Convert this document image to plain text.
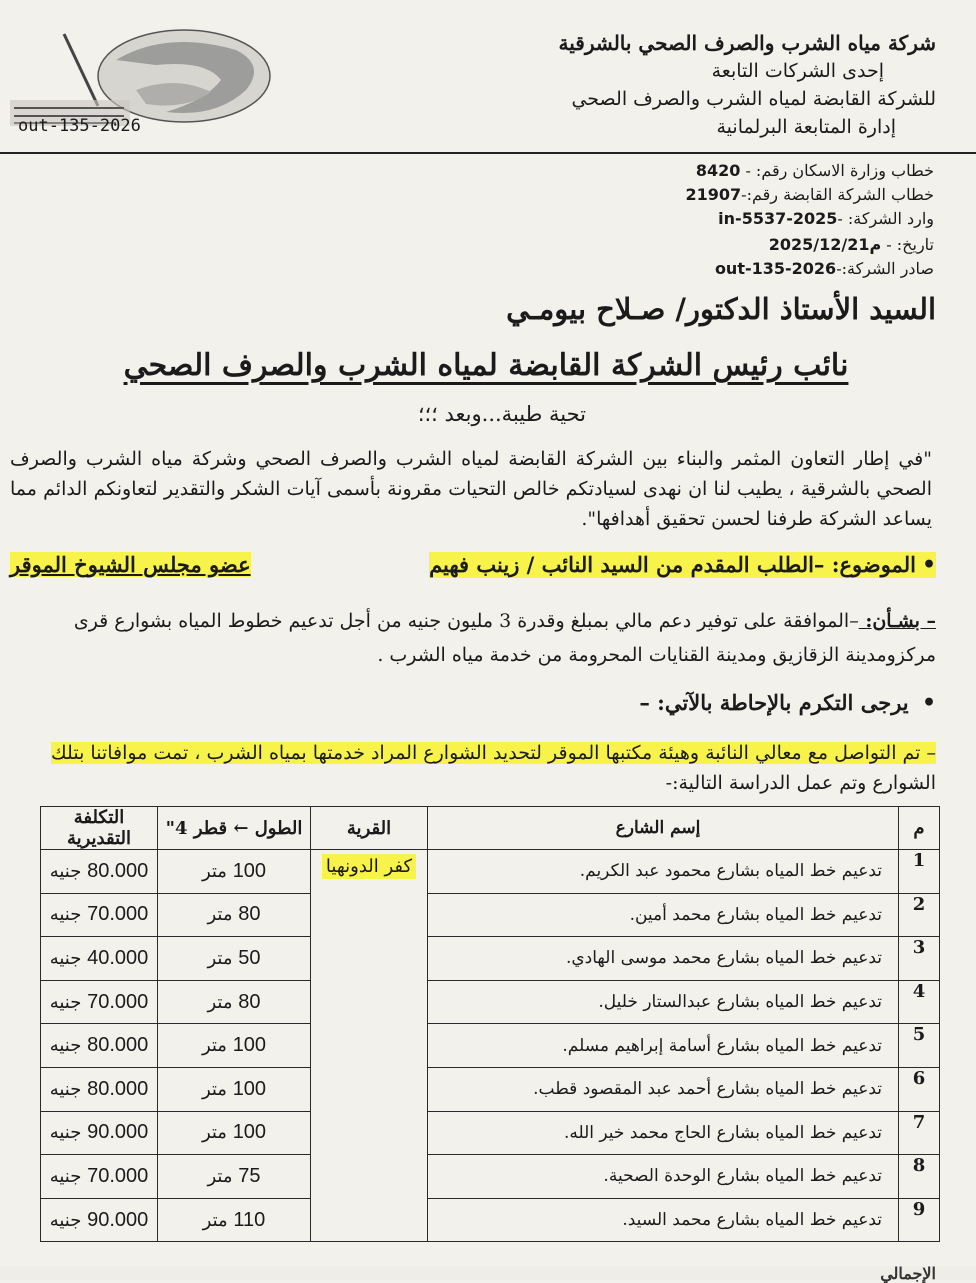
out-135-2026
شركة مياه الشرب والصرف الصحي بالشرقية
إحدى الشركات التابعة
للشركة القابضة لمياه الشرب والصرف الصحي
إدارة المتابعة البرلمانية
خطاب وزارة الاسكان رقم: - 8420
خطاب الشركة القابضة رقم:-21907
وارد الشركة: -in-5537-2025
تاريخ: - 2025/12/21م
صادر الشركة:-out-135-2026
السيد الأستاذ الدكتور/ صـلاح بيومـي
نائب رئيس الشركة القابضة لمياه الشرب والصرف الصحي
تحية طيبة...وبعد ؛؛؛
"في إطار التعاون المثمر والبناء بين الشركة القابضة لمياه الشرب والصرف الصحي وشركة مياه الشرب والصرف الصحي بالشرقية ، يطيب لنا ان نهدى لسيادتكم خالص التحيات مقرونة بأسمى آيات الشكر والتقدير لتعاونكم الدائم مما يساعد الشركة طرفنا لحسن تحقيق أهدافها".
•الموضوع: –الطلب المقدم من السيد النائب / زينب فهيم
عضو مجلس الشيوخ الموقر
– بشـأن: –الموافقة على توفير دعم مالي بمبلغ وقدرة 3 مليون جنيه من أجل تدعيم خطوط المياه بشوارع قرى مركزومدينة الزقازيق ومدينة القنايات المحرومة من خدمة مياه الشرب .
• يرجى التكرم بالإحاطة بالآتي: –
– تم التواصل مع معالي النائبة وهيئة مكتبها الموقر لتحديد الشوارع المراد خدمتها بمياه الشرب ، تمت موافاتنا بتلك
الشوارع وتم عمل الدراسة التالية:-
م	إسم الشارع	القرية	الطول ← قطر 4"	التكلفة التقديرية
1	تدعيم خط المياه بشارع محمود عبد الكريم.	كفر الدونهيا	100 متر	80.000 جنيه
2	تدعيم خط المياه بشارع محمد أمين.		80 متر	70.000 جنيه
3	تدعيم خط المياه بشارع محمد موسى الهادي.		50 متر	40.000 جنيه
4	تدعيم خط المياه بشارع عبدالستار خليل.		80 متر	70.000 جنيه
5	تدعيم خط المياه بشارع أسامة إبراهيم مسلم.		100 متر	80.000 جنيه
6	تدعيم خط المياه بشارع أحمد عبد المقصود قطب.		100 متر	80.000 جنيه
7	تدعيم خط المياه بشارع الحاج محمد خير الله.		100 متر	90.000 جنيه
8	تدعيم خط المياه بشارع الوحدة الصحية.		75 متر	70.000 جنيه
9	تدعيم خط المياه بشارع محمد السيد.		110 متر	90.000 جنيه
الإجمالي
